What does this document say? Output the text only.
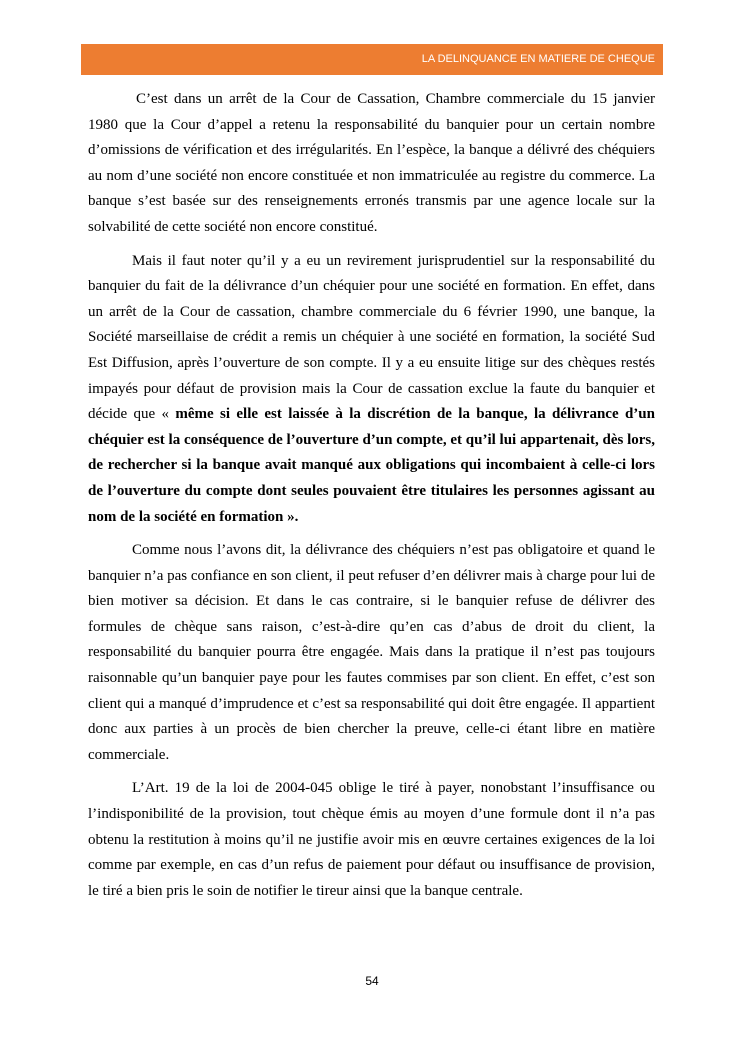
LA DELINQUANCE EN MATIERE DE CHEQUE

C’est dans un arrêt de la Cour de Cassation, Chambre commerciale du 15 janvier 1980 que la Cour d’appel a retenu la responsabilité du banquier pour un certain nombre d’omissions de vérification et des irrégularités. En l’espèce, la banque a délivré des chéquiers au nom d’une société non encore constituée et non immatriculée au registre du commerce. La banque s’est basée sur des renseignements erronés transmis par une agence locale sur la solvabilité de cette société non encore constitué.

Mais il faut noter qu’il y a eu un revirement jurisprudentiel sur la responsabilité du banquier du fait de la délivrance d’un chéquier pour une société en formation. En effet, dans un arrêt de la Cour de cassation, chambre commerciale du 6 février 1990, une banque, la Société marseillaise de crédit a remis un chéquier à une société en formation, la société Sud Est Diffusion, après l’ouverture de son compte. Il y a eu ensuite litige sur des chèques restés impayés pour défaut de provision mais la Cour de cassation exclue la faute du banquier et décide que « même si elle est laissée à la discrétion de la banque, la délivrance d’un chéquier est la conséquence de l’ouverture d’un compte, et qu’il lui appartenait, dès lors, de rechercher si la banque avait manqué aux obligations qui incombaient à celle-ci lors de l’ouverture du compte dont seules pouvaient être titulaires les personnes agissant au nom de la société en formation ».

Comme nous l’avons dit, la délivrance des chéquiers n’est pas obligatoire et quand le banquier n’a pas confiance en son client, il peut refuser d’en délivrer mais à charge pour lui de bien motiver sa décision. Et dans le cas contraire, si le banquier refuse de délivrer des formules de chèque sans raison, c’est-à-dire qu’en cas d’abus de droit du client, la responsabilité du banquier pourra être engagée. Mais dans la pratique il n’est pas toujours raisonnable qu’un banquier paye pour les fautes commises par son client. En effet, c’est son client qui a manqué d’imprudence et c’est sa responsabilité qui doit être engagée. Il appartient donc aux parties à un procès de bien chercher la preuve, celle-ci étant libre en matière commerciale.

L’Art. 19 de la loi de 2004-045 oblige le tiré à payer, nonobstant l’insuffisance ou l’indisponibilité de la provision, tout chèque émis au moyen d’une formule dont il n’a pas obtenu la restitution à moins qu’il ne justifie avoir mis en œuvre certaines exigences de la loi comme par exemple, en cas d’un refus de paiement pour défaut ou insuffisance de provision, le tiré a bien pris le soin de notifier le tireur ainsi que la banque centrale.

54
